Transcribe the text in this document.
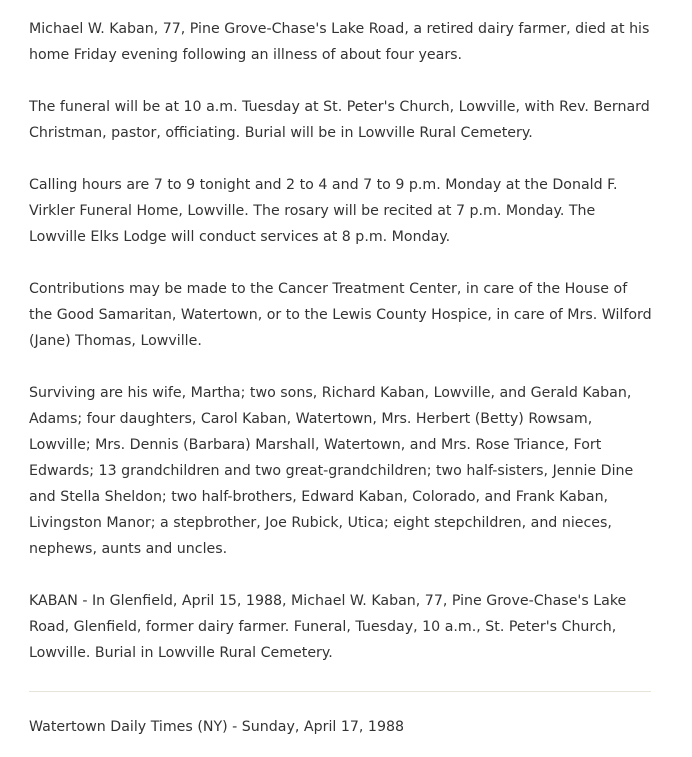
Michael W. Kaban, 77, Pine Grove-Chase's Lake Road, a retired dairy farmer, died at his home Friday evening following an illness of about four years.

The funeral will be at 10 a.m. Tuesday at St. Peter's Church, Lowville, with Rev. Bernard Christman, pastor, officiating. Burial will be in Lowville Rural Cemetery.

Calling hours are 7 to 9 tonight and 2 to 4 and 7 to 9 p.m. Monday at the Donald F. Virkler Funeral Home, Lowville. The rosary will be recited at 7 p.m. Monday. The Lowville Elks Lodge will conduct services at 8 p.m. Monday.

Contributions may be made to the Cancer Treatment Center, in care of the House of the Good Samaritan, Watertown, or to the Lewis County Hospice, in care of Mrs. Wilford (Jane) Thomas, Lowville.

Surviving are his wife, Martha; two sons, Richard Kaban, Lowville, and Gerald Kaban, Adams; four daughters, Carol Kaban, Watertown, Mrs. Herbert (Betty) Rowsam, Lowville; Mrs. Dennis (Barbara) Marshall, Watertown, and Mrs. Rose Triance, Fort Edwards; 13 grandchildren and two great-grandchildren; two half-sisters, Jennie Dine and Stella Sheldon; two half-brothers, Edward Kaban, Colorado, and Frank Kaban, Livingston Manor; a stepbrother, Joe Rubick, Utica; eight stepchildren, and nieces, nephews, aunts and uncles.

KABAN - In Glenfield, April 15, 1988, Michael W. Kaban, 77, Pine Grove-Chase's Lake Road, Glenfield, former dairy farmer. Funeral, Tuesday, 10 a.m., St. Peter's Church, Lowville. Burial in Lowville Rural Cemetery.

Watertown Daily Times (NY) - Sunday, April 17, 1988
